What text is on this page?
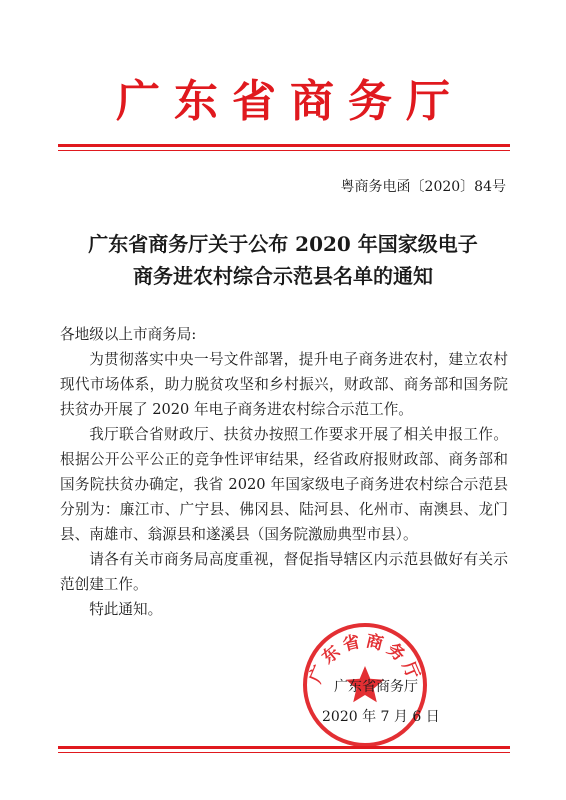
广东省商务厅
粤商务电函〔2020〕84号
广东省商务厅关于公布 2020 年国家级电子
商务进农村综合示范县名单的通知

各地级以上市商务局:

为贯彻落实中央一号文件部署，提升电子商务进农村，建立农村现代市场体系，助力脱贫攻坚和乡村振兴，财政部、商务部和国务院扶贫办开展了 2020 年电子商务进农村综合示范工作。

我厅联合省财政厅、扶贫办按照工作要求开展了相关申报工作。根据公开公平公正的竞争性评审结果，经省政府报财政部、商务部和国务院扶贫办确定，我省 2020 年国家级电子商务进农村综合示范县分别为：廉江市、广宁县、佛冈县、陆河县、化州市、南澳县、龙门县、南雄市、翁源县和遂溪县（国务院激励典型市县）。

请各有关市商务局高度重视，督促指导辖区内示范县做好有关示范创建工作。

特此通知。

广东省商务厅
广东省商务厅
2020 年 7 月 6 日
